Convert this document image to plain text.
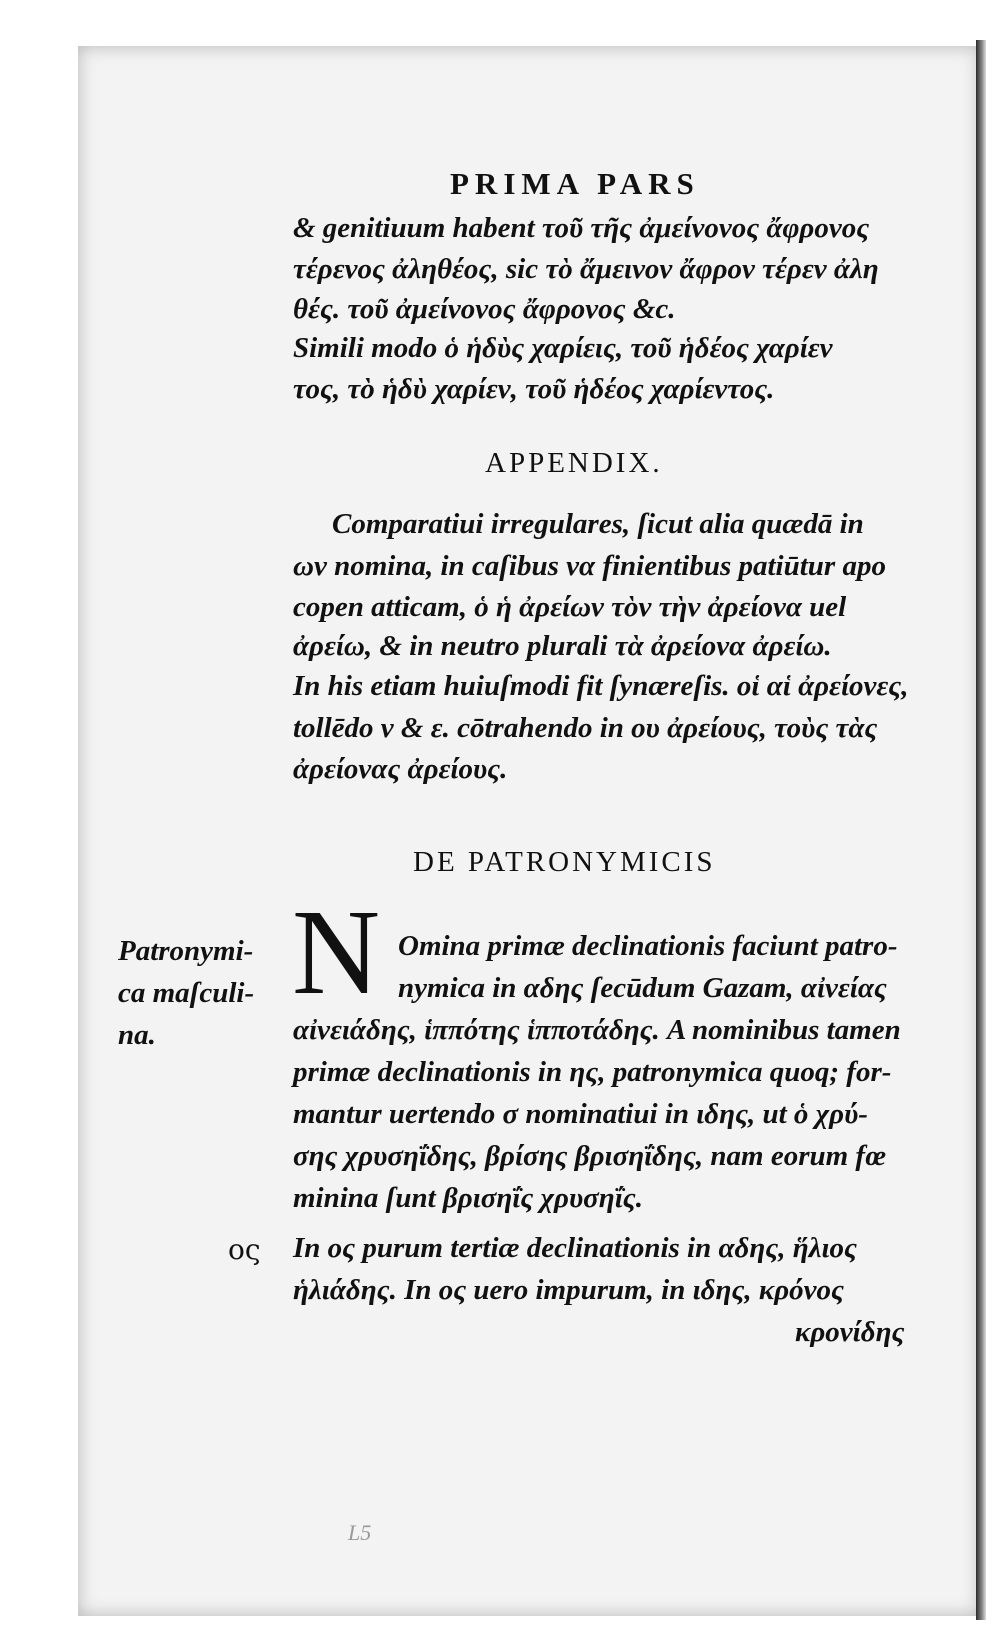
PRIMA PARS
& genitiuum habent τοῦ τῆς ἀμείνονος ἄφρονος
τέρενος ἀληθέος, sic τὸ ἄμεινον ἄφρον τέρεν ἀλη
θές. τοῦ ἀμείνονος ἄφρονος &c.
Simili modo ὁ ἡδὺς χαρίεις, τοῦ ἡδέος χαρίεν
τος, τὸ ἡδὺ χαρίεν, τοῦ ἡδέος χαρίεντος.
APPENDIX.
Comparatiui irregulares, ſicut alia quædā in
ων nomina, in caſibus να finientibus patiūtur apo
copen atticam, ὁ ἡ ἀρείων τὸν τὴν ἀρείονα uel
ἀρείω, & in neutro plurali τὰ ἀρείονα ἀρείω.
In his etiam huiuſmodi fit ſynæreſis. οἱ αἱ ἀρείονες,
tollēdo ν & ε. cōtrahendo in ου ἀρείους, τοὺς τὰς
ἀρείονας ἀρείους.
DE PATRONYMICIS
N Omina primæ declinationis faciunt patro-
nymica in αδης ſecūdum Gazam, αἰνείας
αἰνειάδης, ἱππότης ἱπποτάδης. A nominibus tamen
primæ declinationis in ης, patronymica quoq; for-
mantur uertendo σ nominatiui in ιδης, ut ὁ χρύ-
σης χρυσηΐδης, βρίσης βρισηΐδης, nam eorum fœ
minina ſunt βρισηΐς χρυσηΐς.
In ος purum tertiæ declinationis in αδης, ἥλιος
ἡλιάδης. In ος uero impurum, in ιδης, κρόνος
κρονίδης
Patronymi-
ca maſculi-
na.
ος
L5
